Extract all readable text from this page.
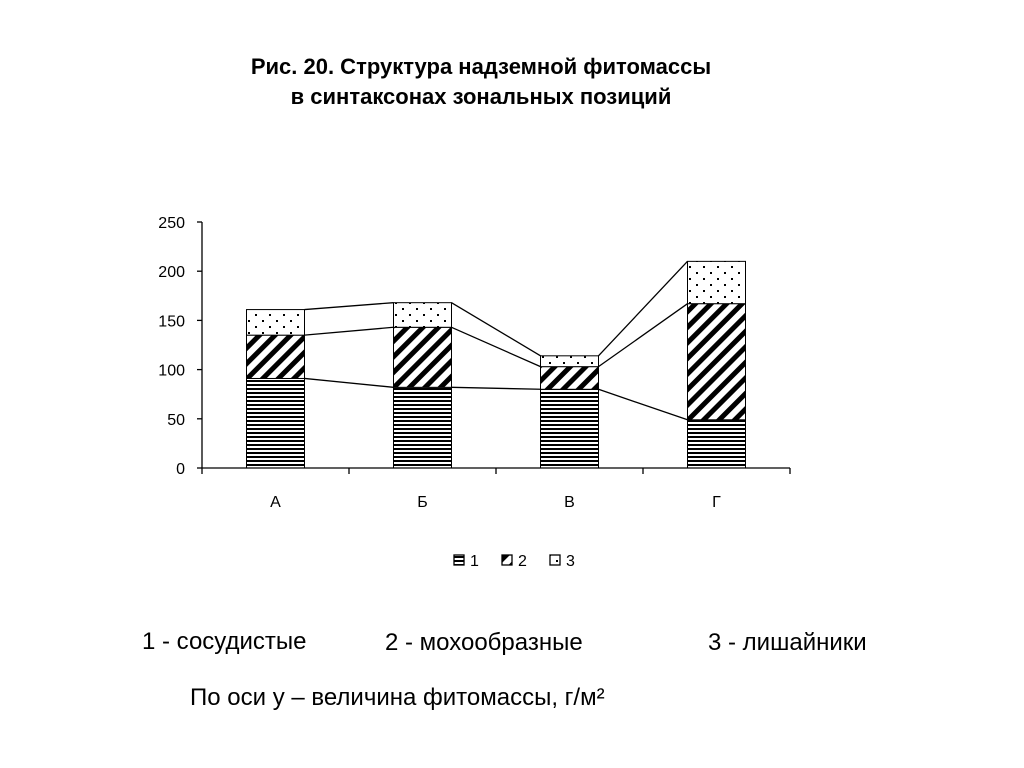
Рис. 20. Структура надземной фитомассы
в синтаксонах зональных позиций
0
50
100
150
200
250
А	Б	В	Г
1 2 3
1 - сосудистые	2 - мохообразные	3 - лишайники
По оси у – величина фитомассы, г/м²
